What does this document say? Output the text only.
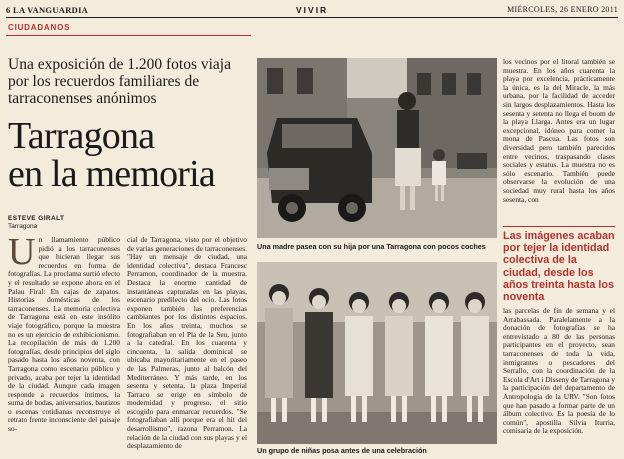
6 LA VANGUARDIA	VIVIR	MIÉRCOLES, 26 ENERO 2011
CIUDADANOS
Una exposición de 1.200 fotos viaja por los recuerdos familiares de tarraconenses anónimos
Tarragona
en la memoria
ESTEVE GIRALT
Tarragona
Un llamamiento público pidió a los tarraconenses que hicieran llegar sus recuerdos en forma de fotografías. La proclama surtió efecto y el resultado se expone ahora en el Palau Firal: En cajas de zapatos. Historias domésticas de los tarraconenses. La memoria colectiva de Tarragona está en este insólito viaje fotográfico, porque la muestra no es un ejercicio de exhibicionismo. La recopilación de más de 1.200 fotografías, desde principios del siglo pasado hasta los años noventa, con Tarragona como escenario público y privado, acaba por tejer la identidad de la ciudad. Aunque cada imagen responde a recuerdos íntimos, la suma de bodas, aniversarios, bautizos o escenas cotidianas reconstruye el retrato frente inconsciente del paisaje so-
cial de Tarragona, visto por el objetivo de varias generaciones de tarraconenses. "Hay un mensaje de ciudad, una identidad colectiva", destaca Francesc Perramon, coordinador de la muestra. Destaca la enorme cantidad de instantáneas capturadas en las playas, escenario predilecto del ocio. Las fotos exponen también las preferencias cambiantes por los distintos espacios. En los años treinta, muchos se fotografiaban en el Pla de la Seu, junto a la catedral. En los cuarenta y cincuenta, la salida dominical se ubicaba mayoritariamente en el paseo de las Palmeras, junto al balcón del Mediterráneo. Y más tarde, en los sesenta y setenta, la plaza Imperial Tarraco se erige en símbolo de modernidad y progreso, el sitio escogido para enmarcar recuerdos. "Se fotografiaban allí porque era el hit del desarrollismo", razona Perramon. La relación de la ciudad con sus playas y el desplazamiento de
Una madre pasea con su hija por una Tarragona con pocos coches
Un grupo de niñas posa antes de una celebración
los vecinos por el litoral también se muestra. En los años cuarenta la playa por excelencia, prácticamente la única, es la del Miracle, la más urbana, por la facilidad de acceder sin largos desplazamientos. Hasta los sesenta y setenta no llega el boom de la playa Llarga. Antes era un lugar excepcional, idóneo para comer la mona de Pascua. Las fotos son diversidad pero también parecidos entre vecinos, traspasando clases sociales y estatus. La muestra no es sólo escenario. También puede observarse la evolución de una sociedad muy rural hasta los años sesenta, con
Las imágenes acaban por tejer la identidad colectiva de la ciudad, desde los años treinta hasta los noventa
las parcelas de fin de semana y el Arrabassada. Paralelamente a la donación de fotografías se ha entrevistado a 80 de las personas participantes en el proyecto, sean tarraconenses de toda la vida, inmigrantes o pescadores del Serrallo, con la coordinación de la Escola d'Art i Disseny de Tarragona y la participación del departamento de Antropología de la URV. "Son fotos que han pasado a formar parte de un álbum colectivo. Es la poesía de lo común", apostilla Silvia Iturria, comisaria de la exposición.
